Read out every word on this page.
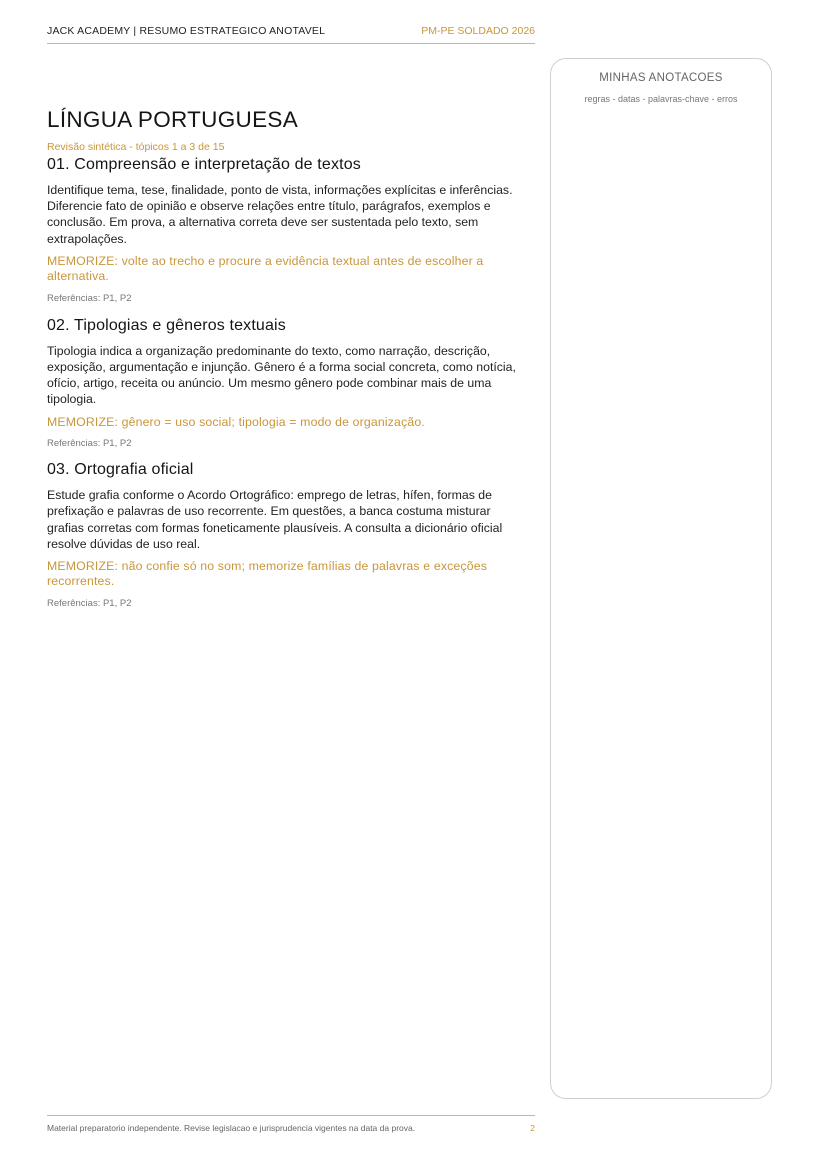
JACK ACADEMY | RESUMO ESTRATEGICO ANOTAVEL	PM-PE SOLDADO 2026
LÍNGUA PORTUGUESA
Revisão sintética - tópicos 1 a 3 de 15
01. Compreensão e interpretação de textos
Identifique tema, tese, finalidade, ponto de vista, informações explícitas e inferências. Diferencie fato de opinião e observe relações entre título, parágrafos, exemplos e conclusão. Em prova, a alternativa correta deve ser sustentada pelo texto, sem extrapolações.
MEMORIZE: volte ao trecho e procure a evidência textual antes de escolher a alternativa.
Referências: P1, P2
02. Tipologias e gêneros textuais
Tipologia indica a organização predominante do texto, como narração, descrição, exposição, argumentação e injunção. Gênero é a forma social concreta, como notícia, ofício, artigo, receita ou anúncio. Um mesmo gênero pode combinar mais de uma tipologia.
MEMORIZE: gênero = uso social; tipologia = modo de organização.
Referências: P1, P2
03. Ortografia oficial
Estude grafia conforme o Acordo Ortográfico: emprego de letras, hífen, formas de prefixação e palavras de uso recorrente. Em questões, a banca costuma misturar grafias corretas com formas foneticamente plausíveis. A consulta a dicionário oficial resolve dúvidas de uso real.
MEMORIZE: não confie só no som; memorize famílias de palavras e exceções recorrentes.
Referências: P1, P2
MINHAS ANOTACOES
regras - datas - palavras-chave - erros
Material preparatorio independente. Revise legislacao e jurisprudencia vigentes na data da prova.	2
